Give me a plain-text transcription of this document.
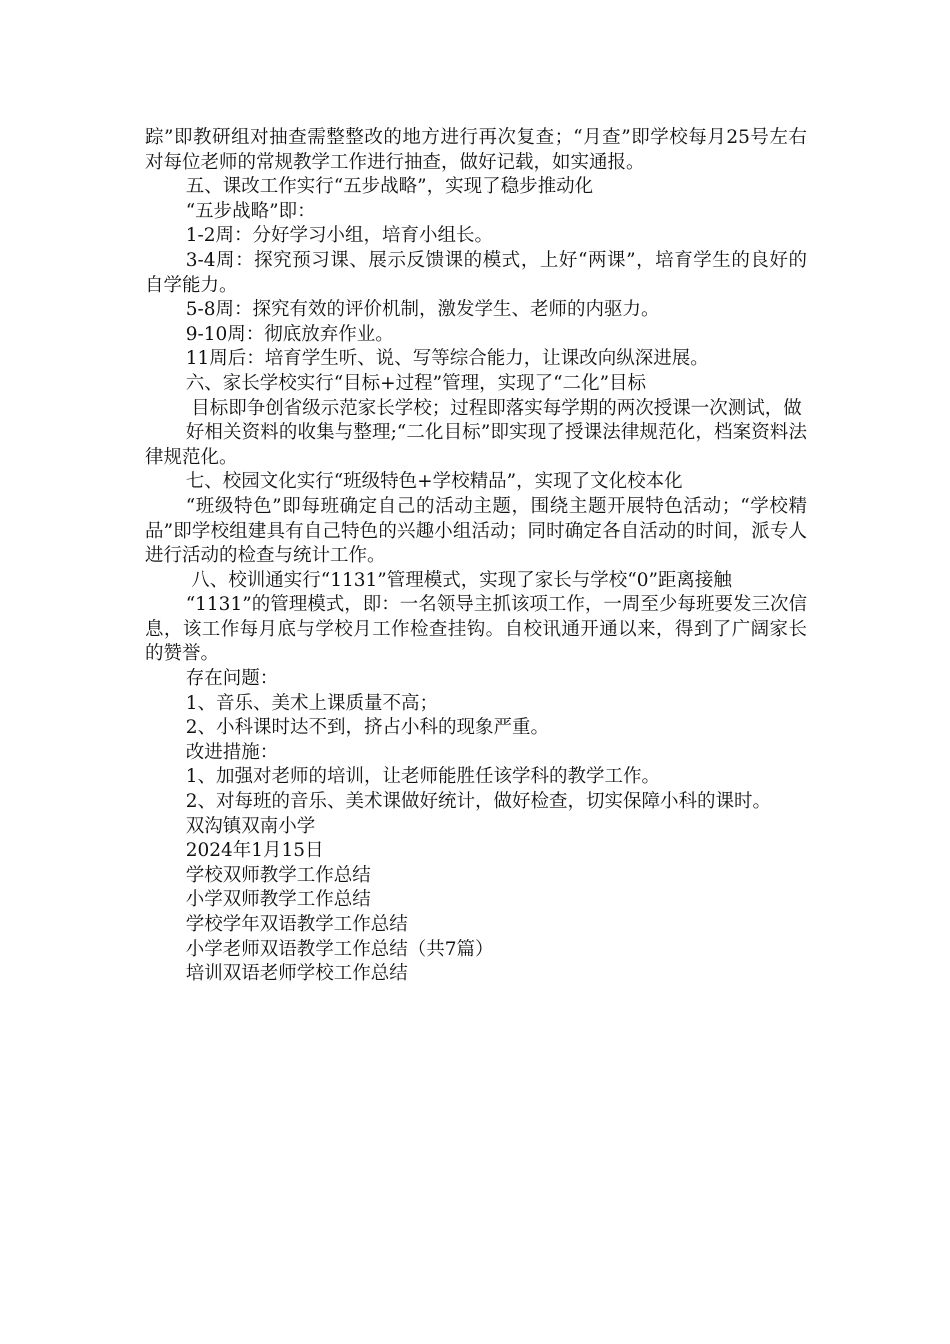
踪”即教研组对抽查需整整改的地方进行再次复查；“月查”即学校每月25号左右对每位老师的常规教学工作进行抽查，做好记载，如实通报。

五、课改工作实行“五步战略”，实现了稳步推动化

“五步战略”即：

1-2周：分好学习小组，培育小组长。

3-4周：探究预习课、展示反馈课的模式，上好“两课”，培育学生的良好的自学能力。

5-8周：探究有效的评价机制，激发学生、老师的内驱力。

9-10周：彻底放弃作业。

11周后：培育学生听、说、写等综合能力，让课改向纵深进展。

六、家长学校实行“目标+过程”管理，实现了“二化”目标

目标即争创省级示范家长学校；过程即落实每学期的两次授课一次测试，做

好相关资料的收集与整理;“二化目标”即实现了授课法律规范化，档案资料法律规范化。

七、校园文化实行“班级特色+学校精品”，实现了文化校本化

“班级特色”即每班确定自己的活动主题，围绕主题开展特色活动；“学校精品”即学校组建具有自己特色的兴趣小组活动；同时确定各自活动的时间，派专人进行活动的检查与统计工作。

八、校训通实行“1131”管理模式，实现了家长与学校“0”距离接触

“1131”的管理模式，即：一名领导主抓该项工作，一周至少每班要发三次信息，该工作每月底与学校月工作检查挂钩。自校讯通开通以来，得到了广阔家长的赞誉。

存在问题：

1、音乐、美术上课质量不高；

2、小科课时达不到，挤占小科的现象严重。

改进措施：

1、加强对老师的培训，让老师能胜任该学科的教学工作。

2、对每班的音乐、美术课做好统计，做好检查，切实保障小科的课时。

双沟镇双南小学

2024年1月15日

学校双师教学工作总结

小学双师教学工作总结

学校学年双语教学工作总结

小学老师双语教学工作总结（共7篇）

培训双语老师学校工作总结
